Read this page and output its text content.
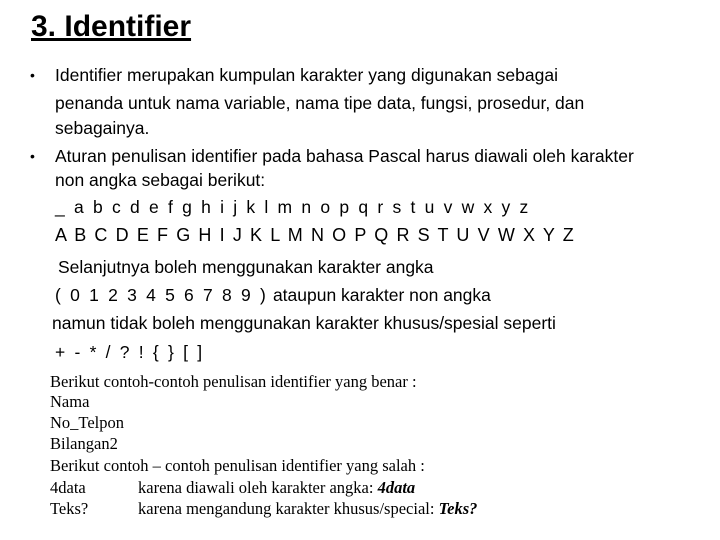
3. Identifier
• Identifier merupakan kumpulan karakter yang digunakan sebagai
penanda untuk nama variable, nama tipe data, fungsi, prosedur, dan
sebagainya.
• Aturan penulisan identifier pada bahasa Pascal harus diawali oleh karakter
non angka sebagai berikut:
_ a b c d e f g h i j k l m n o p q r s t u v w x y z
A B C D E F G H I J K L M N O P Q R S T U V W X Y Z
Selanjutnya boleh menggunakan karakter angka
( 0 1 2 3 4 5 6 7 8 9 ) ataupun karakter non angka
namun tidak boleh menggunakan karakter khusus/spesial seperti
+ - * / ? ! { } [ ]
Berikut contoh-contoh penulisan identifier yang benar :
Nama
No_Telpon
Bilangan2
Berikut contoh – contoh penulisan identifier yang salah :
4data	karena diawali oleh karakter angka: 4data
Teks?	karena mengandung karakter khusus/special: Teks?
